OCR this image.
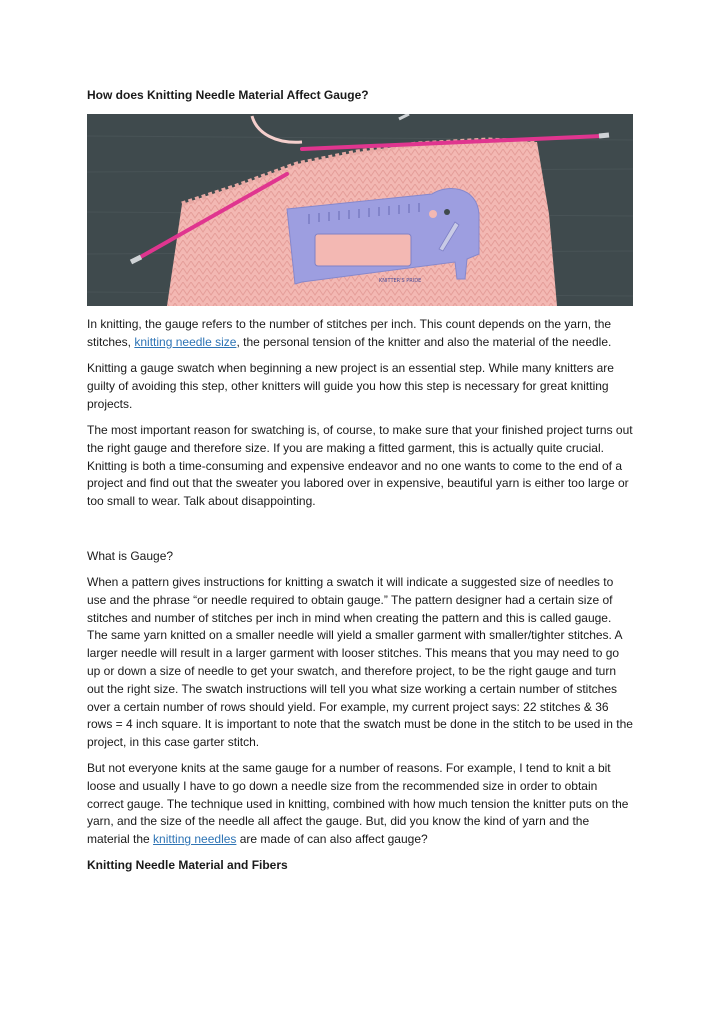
How does Knitting Needle Material Affect Gauge?
KNITTER'S PRIDE

In knitting, the gauge refers to the number of stitches per inch. This count depends on the yarn, the stitches, knitting needle size, the personal tension of the knitter and also the material of the needle.

Knitting a gauge swatch when beginning a new project is an essential step. While many knitters are guilty of avoiding this step, other knitters will guide you how this step is necessary for great knitting projects.

The most important reason for swatching is, of course, to make sure that your finished project turns out the right gauge and therefore size. If you are making a fitted garment, this is actually quite crucial. Knitting is both a time-consuming and expensive endeavor and no one wants to come to the end of a project and find out that the sweater you labored over in expensive, beautiful yarn is either too large or too small to wear. Talk about disappointing.

What is Gauge?

When a pattern gives instructions for knitting a swatch it will indicate a suggested size of needles to use and the phrase “or needle required to obtain gauge.” The pattern designer had a certain size of stitches and number of stitches per inch in mind when creating the pattern and this is called gauge. The same yarn knitted on a smaller needle will yield a smaller garment with smaller/tighter stitches. A larger needle will result in a larger garment with looser stitches. This means that you may need to go up or down a size of needle to get your swatch, and therefore project, to be the right gauge and turn out the right size. The swatch instructions will tell you what size working a certain number of stitches over a certain number of rows should yield. For example, my current project says: 22 stitches & 36 rows = 4 inch square. It is important to note that the swatch must be done in the stitch to be used in the project, in this case garter stitch.

But not everyone knits at the same gauge for a number of reasons. For example, I tend to knit a bit loose and usually I have to go down a needle size from the recommended size in order to obtain correct gauge. The technique used in knitting, combined with how much tension the knitter puts on the yarn, and the size of the needle all affect the gauge. But, did you know the kind of yarn and the material the knitting needles are made of can also affect gauge?

Knitting Needle Material and Fibers
